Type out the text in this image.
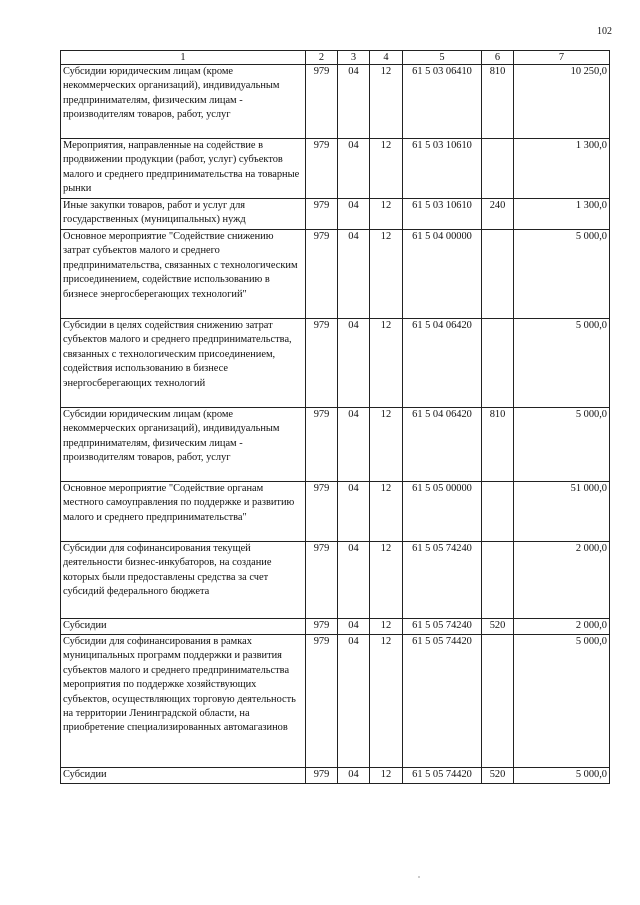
102
1	2	3	4	5	6	7
Субсидии юридическим лицам (кроме некоммерческих организаций), индивидуальным предпринимателям, физическим лицам - производителям товаров, работ, услуг	979	04	12	61 5 03 06410	810	10 250,0
Мероприятия, направленные на содействие в продвижении продукции (работ, услуг) субъектов малого и среднего предпринимательства на товарные рынки	979	04	12	61 5 03 10610		1 300,0
Иные закупки товаров, работ и услуг для государственных (муниципальных) нужд	979	04	12	61 5 03 10610	240	1 300,0
Основное мероприятие "Содействие снижению затрат субъектов малого и среднего предпринимательства, связанных с технологическим присоединением, содействие использованию в бизнесе энергосберегающих технологий"	979	04	12	61 5 04 00000		5 000,0
Субсидии в целях содействия снижению затрат субъектов малого и среднего предпринимательства, связанных с технологическим присоединением, содействия использованию в бизнесе энергосберегающих технологий	979	04	12	61 5 04 06420		5 000,0
Субсидии юридическим лицам (кроме некоммерческих организаций), индивидуальным предпринимателям, физическим лицам - производителям товаров, работ, услуг	979	04	12	61 5 04 06420	810	5 000,0
Основное мероприятие "Содействие органам местного самоуправления по поддержке и развитию малого и среднего предпринимательства"	979	04	12	61 5 05 00000		51 000,0
Субсидии для софинансирования текущей деятельности бизнес-инкубаторов, на создание которых были предоставлены средства за счет субсидий федерального бюджета	979	04	12	61 5 05 74240		2 000,0
Субсидии	979	04	12	61 5 05 74240	520	2 000,0
Субсидии для софинансирования в рамках муниципальных программ поддержки и развития субъектов малого и среднего предпринимательства мероприятия по поддержке хозяйствующих субъектов, осуществляющих торговую деятельность на территории Ленинградской области, на приобретение специализированных автомагазинов	979	04	12	61 5 05 74420		5 000,0
Субсидии	979	04	12	61 5 05 74420	520	5 000,0
